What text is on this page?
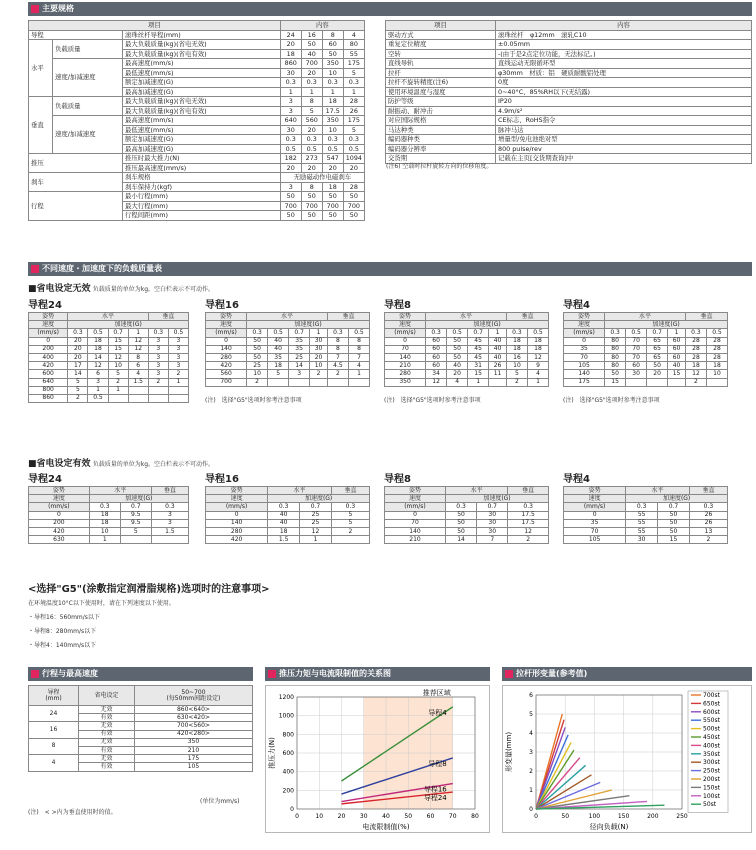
主要规格
项目			内容			
导程		滚珠丝杆导程(mm)	24	16	8	4
水平	负载质量	最大负载质量(kg)(省电无效)	20	50	60	80
		最大负载质量(kg)(省电有效)	18	40	50	55
	速度/加减速度	最高速度(mm/s)	860	700	350	175
		最低速度(mm/s)	30	20	10	5
		额定加减速度(G)	0.3	0.3	0.3	0.3
		最高加减速度(G)	1	1	1	1
垂直	负载质量	最大负载质量(kg)(省电无效)	3	8	18	28
		最大负载质量(kg)(省电有效)	3	5	17.5	26
	速度/加减速度	最高速度(mm/s)	640	560	350	175
		最低速度(mm/s)	30	20	10	5
		额定加减速度(G)	0.3	0.3	0.3	0.3
		最高加减速度(G)	0.5	0.5	0.5	0.5
推压		推压时最大推力(N)	182	273	547	1094
		推压最高速度(mm/s)	20	20	20	20
刹车		刹车规格	无励磁动作电磁刹车			
		刹车保持力(kgf)	3	8	18	28
行程		最小行程(mm)	50	50	50	50
		最大行程(mm)	700	700	700	700
		行程间距(mm)	50	50	50	50
项目	内容
驱动方式	滚珠丝杆　φ12mm　滚轧C10
重复定位精度	±0.05mm
空转	-(由于是2点定位功能，无法标记。)
直线导轨	直线运动无限循环型
拉杆	φ30mm　材质：铝　硬质耐酸铝处理
拉杆不旋转精度(注6)	0度
使用环境温度与湿度	0~40°C、85%RH以下(无结露)
防护等级	IP20
耐振动、耐冲击	4.9m/s²
对应国际规格	CE标志、RoHS指令
马达种类	脉冲马达
编码器种类	增量型/免电池绝对型
编码器分辨率	800 pulse/rev
交货期	记载在主页[交货期查询]中
(注6) 空载时拉杆旋转方向的位移角度。
不同速度・加速度下的负载质量表
■省电设定无效 负载质量的单位为kg。空白栏表示不可动作。
■省电设定有效 负载质量的单位为kg。空白栏表示不可动作。
<选择"G5"(涂敷指定润滑脂规格)选项时的注意事项>
在环境温度10°C以下使用时，请在下列速度以下使用。
・导程16：560mm/s以下
・导程8：280mm/s以下
・导程4：140mm/s以下
行程与最高速度
导程
(mm)	省电设定	50~700
(每50mm间距设定)
24	无效	860<640>
	有效	630<420>
16	无效	700<560>
	有效	420<280>
8	无效	350
	有效	210
4	无效	175
	有效	105
(单位为mm/s)
(注)　< >内为垂直使用时的值。
推压力矩与电流限制值的关系图
推荐区域
0
200
400
600
800
1000
1200
0	10 20 30 40 50 60 70 80
导程4
导程8
导程16
导程24
电流限制值(%)
推压力(N)
拉杆形变量(参考值)
0
1
2
3
4
5
6
0	50	100	150	200	250
700st
650st
600st
550st
500st
450st
400st
350st
300st
250st
200st
150st
100st
50st
径向负载(N)
形变量(mm)
导程24
姿势	水平				垂直	
速度	加速度(G)					
(mm/s)	0.3	0.5	0.7	1	0.3	0.5
0	20	18	15	12	3	3
200	20	18	15	12	3	3
400	20	14	12	8	3	3
420	17	12	10	6	3	3
600	14	6	5	4	3	2
640	5	3	2	1.5	2	1
800	5	1	1			
860	2	0.5				
导程16
姿势	水平				垂直	
速度	加速度(G)					
(mm/s)	0.3	0.5	0.7	1	0.3	0.5
0	50	40	35	30	8	8
140	50	40	35	30	8	8
280	50	35	25	20	7	7
420	25	18	14	10	4.5	4
560	10	5	3	2	2	1
700	2					
(注)　选择"G5"选项时参考注意事项
导程8
姿势	水平				垂直	
速度	加速度(G)					
(mm/s)	0.3	0.5	0.7	1	0.3	0.5
0	60	50	45	40	18	18
70	60	50	45	40	18	18
140	60	50	45	40	16	12
210	60	40	31	26	10	9
280	34	20	15	11	5	4
350	12	4	1		2	1
(注)　选择"G5"选项时参考注意事项
导程4
姿势	水平				垂直	
速度	加速度(G)					
(mm/s)	0.3	0.5	0.7	1	0.3	0.5
0	80	70	65	60	28	28
35	80	70	65	60	28	28
70	80	70	65	60	28	28
105	80	60	50	40	18	18
140	50	30	20	15	12	10
175	15				2	
(注)　选择"G5"选项时参考注意事项
导程24
姿势	水平		垂直
速度	加速度(G)		
(mm/s)	0.3	0.7	0.3
0	18	9.5	3
200	18	9.5	3
420	10	5	1.5
630	1		
导程16
姿势	水平		垂直
速度	加速度(G)		
(mm/s)	0.3	0.7	0.3
0	40	25	5
140	40	25	5
280	18	12	2
420	1.5	1	
导程8
姿势	水平		垂直
速度	加速度(G)		
(mm/s)	0.3	0.7	0.3
0	50	30	17.5
70	50	30	17.5
140	50	30	12
210	14	7	2
导程4
姿势	水平		垂直
速度	加速度(G)		
(mm/s)	0.3	0.7	0.3
0	55	50	26
35	55	50	26
70	55	50	13
105	30	15	2
